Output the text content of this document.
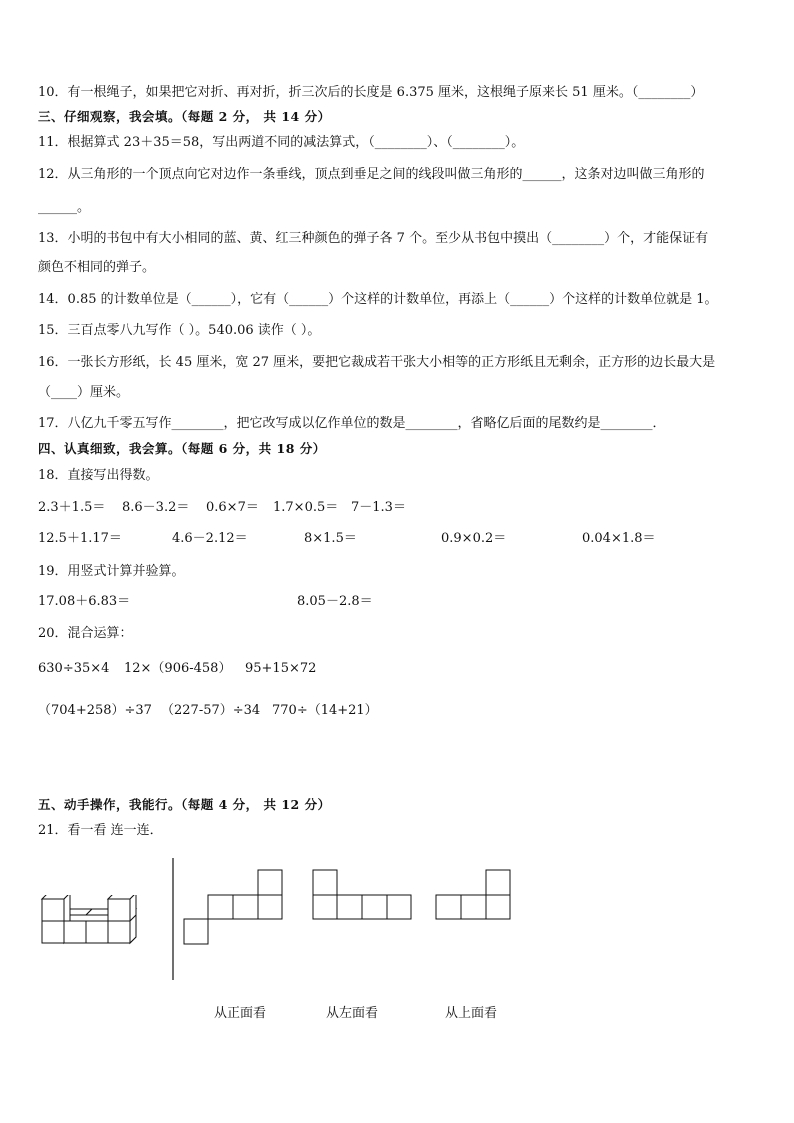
10．有一根绳子，如果把它对折、再对折，折三次后的长度是 6.375 厘米，这根绳子原来长 51 厘米。（________）
三、仔细观察，我会填。（每题 2 分， 共 14 分）
11．根据算式 23＋35＝58，写出两道不同的减法算式，（________）、（________）。
12．从三角形的一个顶点向它对边作一条垂线，顶点到垂足之间的线段叫做三角形的______，这条对边叫做三角形的
______。
13．小明的书包中有大小相同的蓝、黄、红三种颜色的弹子各 7 个。至少从书包中摸出（________）个，才能保证有
颜色不相同的弹子。
14．0.85 的计数单位是（______），它有（______）个这样的计数单位，再添上（______）个这样的计数单位就是 1。
15．三百点零八九写作（ ）。540.06 读作（ ）。
16．一张长方形纸，长 45 厘米，宽 27 厘米，要把它裁成若干张大小相等的正方形纸且无剩余，正方形的边长最大是
（____）厘米。
17．八亿九千零五写作________，把它改写成以亿作单位的数是________，省略亿后面的尾数约是________．
四、认真细致，我会算。（每题 6 分，共 18 分）
18．直接写出得数。
2.3＋1.5＝ 8.6－3.2＝ 0.6×7＝ 1.7×0.5＝ 7－1.3＝
12.5＋1.17＝	4.6－2.12＝	8×1.5＝	0.9×0.2＝	0.04×1.8＝
19．用竖式计算并验算。
17.08＋6.83＝	8.05－2.8＝
20．混合运算：
630÷35×4 12×（906-458） 95+15×72
（704+258）÷37 （227-57）÷34 770÷（14+21）
五、动手操作，我能行。（每题 4 分， 共 12 分）
21．看一看 连一连．
从正面看	从左面看	从上面看
